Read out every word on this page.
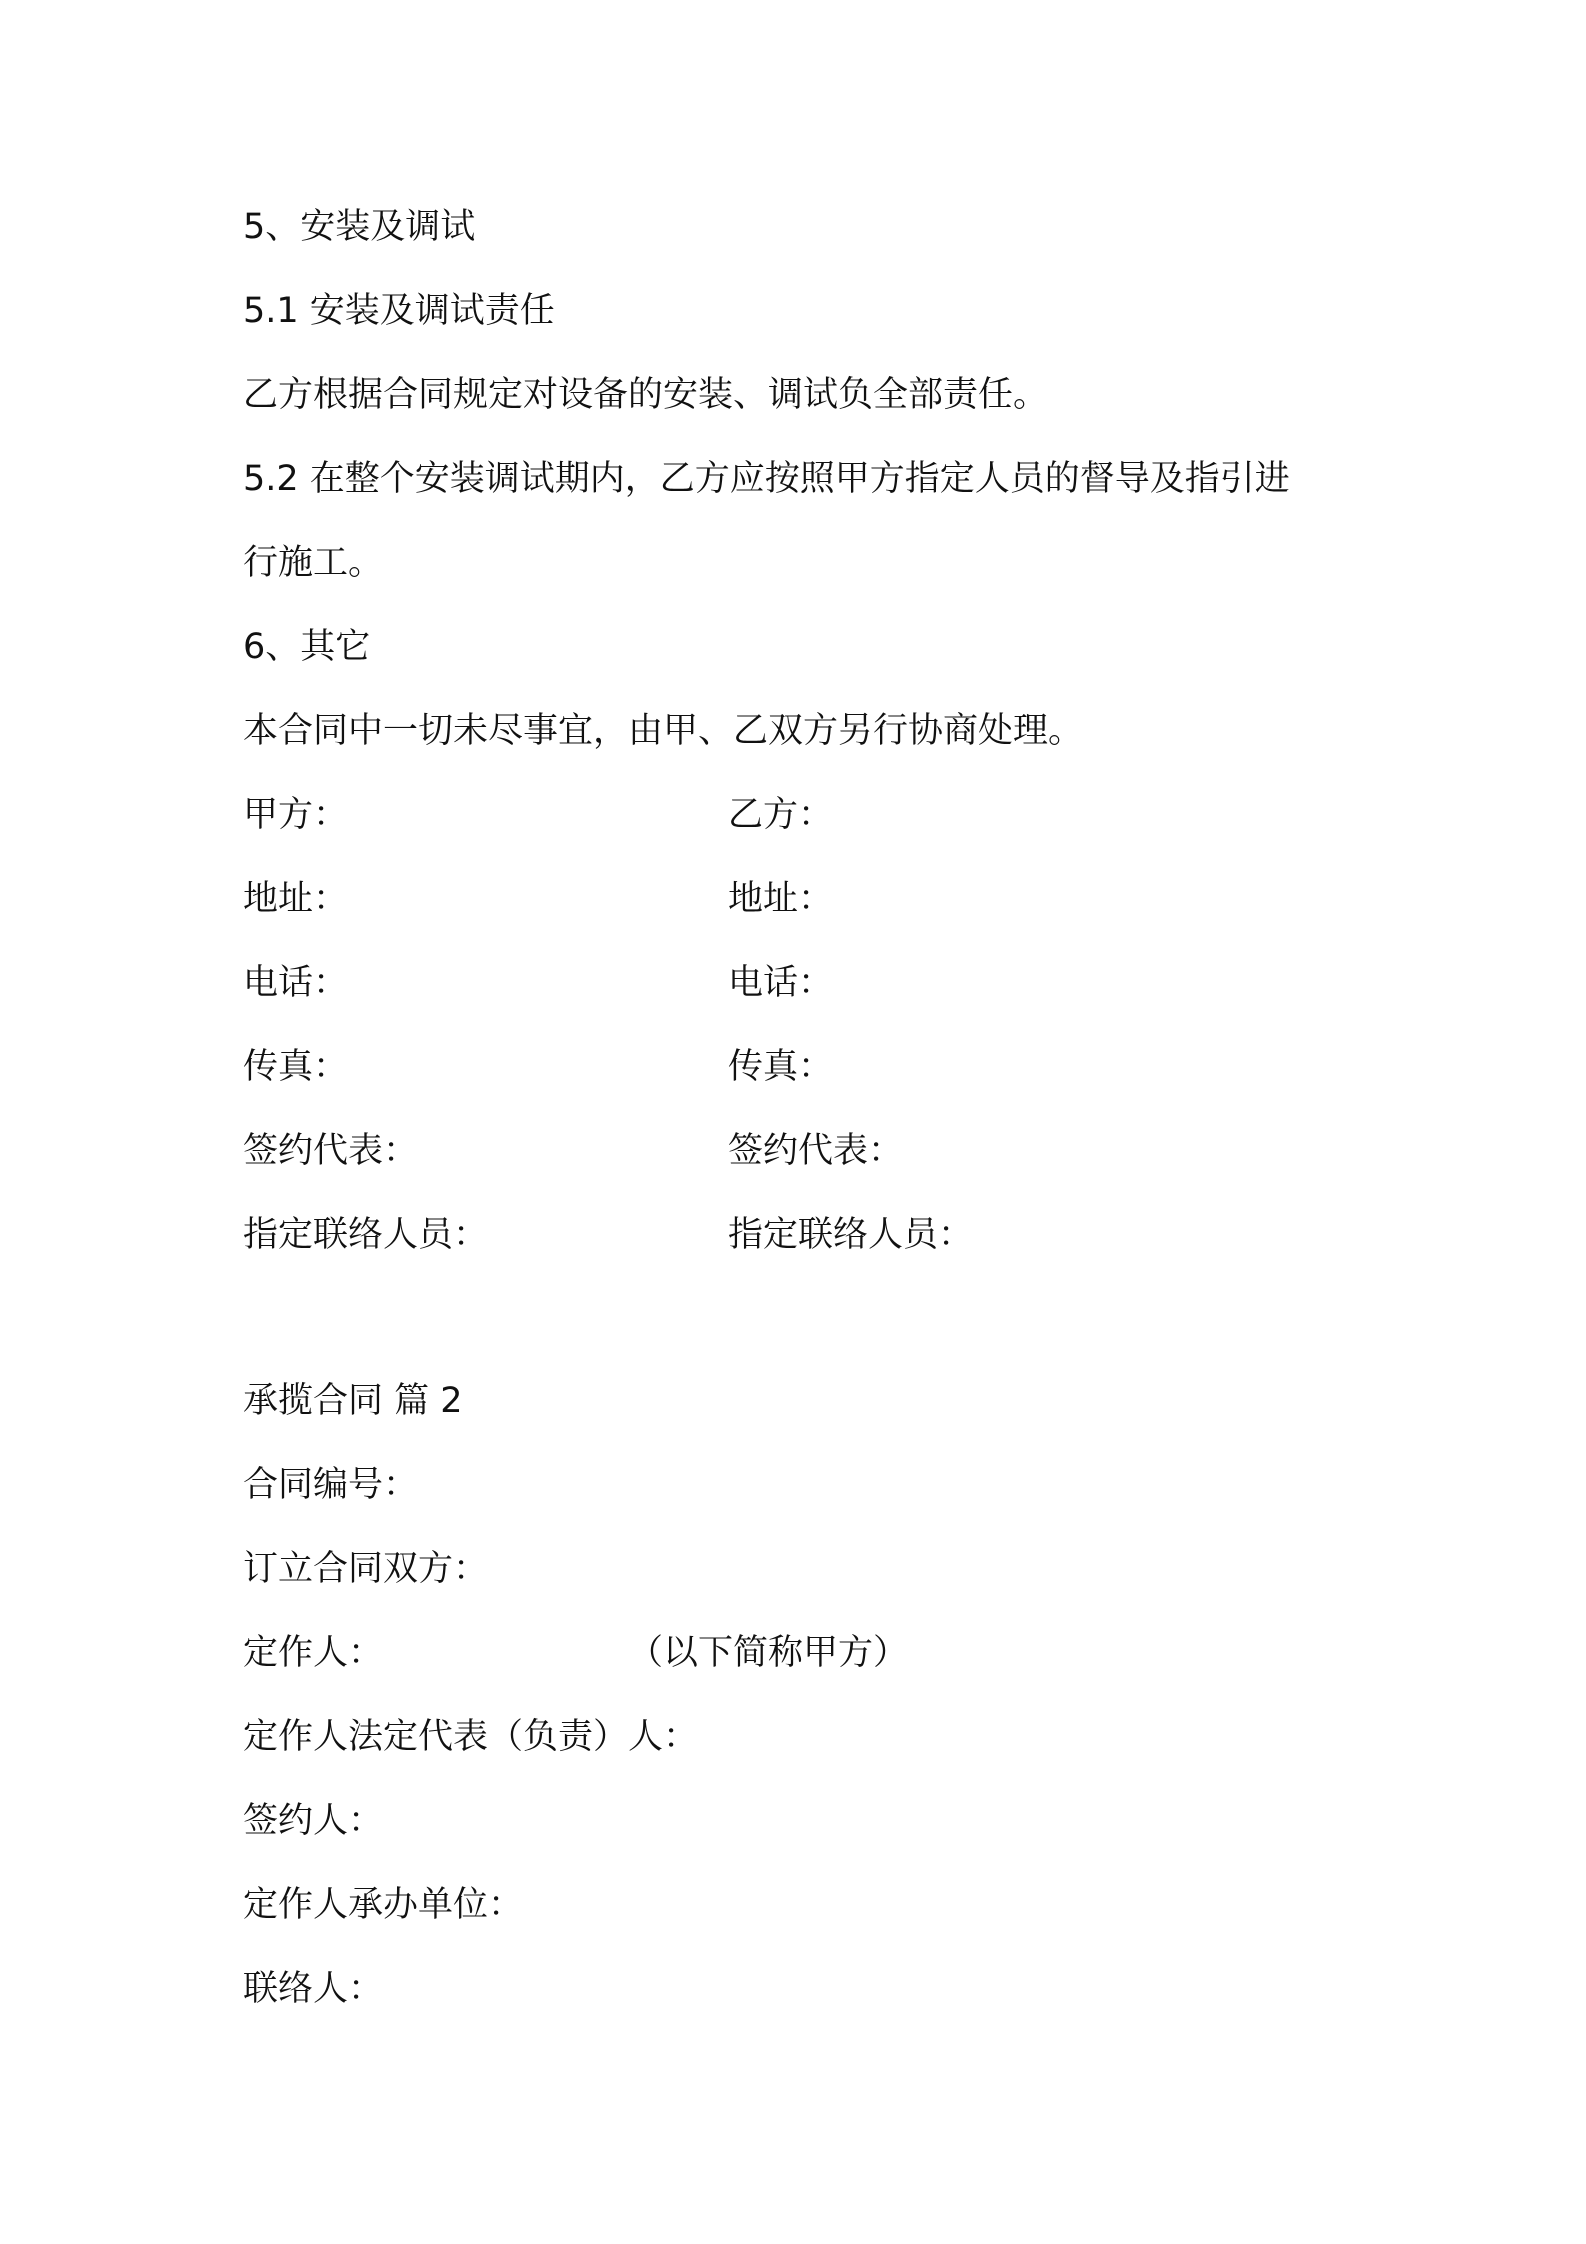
5、安装及调试
5.1 安装及调试责任
乙方根据合同规定对设备的安装、调试负全部责任。
5.2 在整个安装调试期内，乙方应按照甲方指定人员的督导及指引进
行施工。
6、其它
本合同中一切未尽事宜，由甲、乙双方另行协商处理。
甲方：	乙方：
地址：	地址：
电话：	电话：
传真：	传真：
签约代表：	签约代表：
指定联络人员：	指定联络人员：
承揽合同 篇 2
合同编号：
订立合同双方：
定作人：	（以下简称甲方）
定作人法定代表（负责）人：
签约人：
定作人承办单位：
联络人：
